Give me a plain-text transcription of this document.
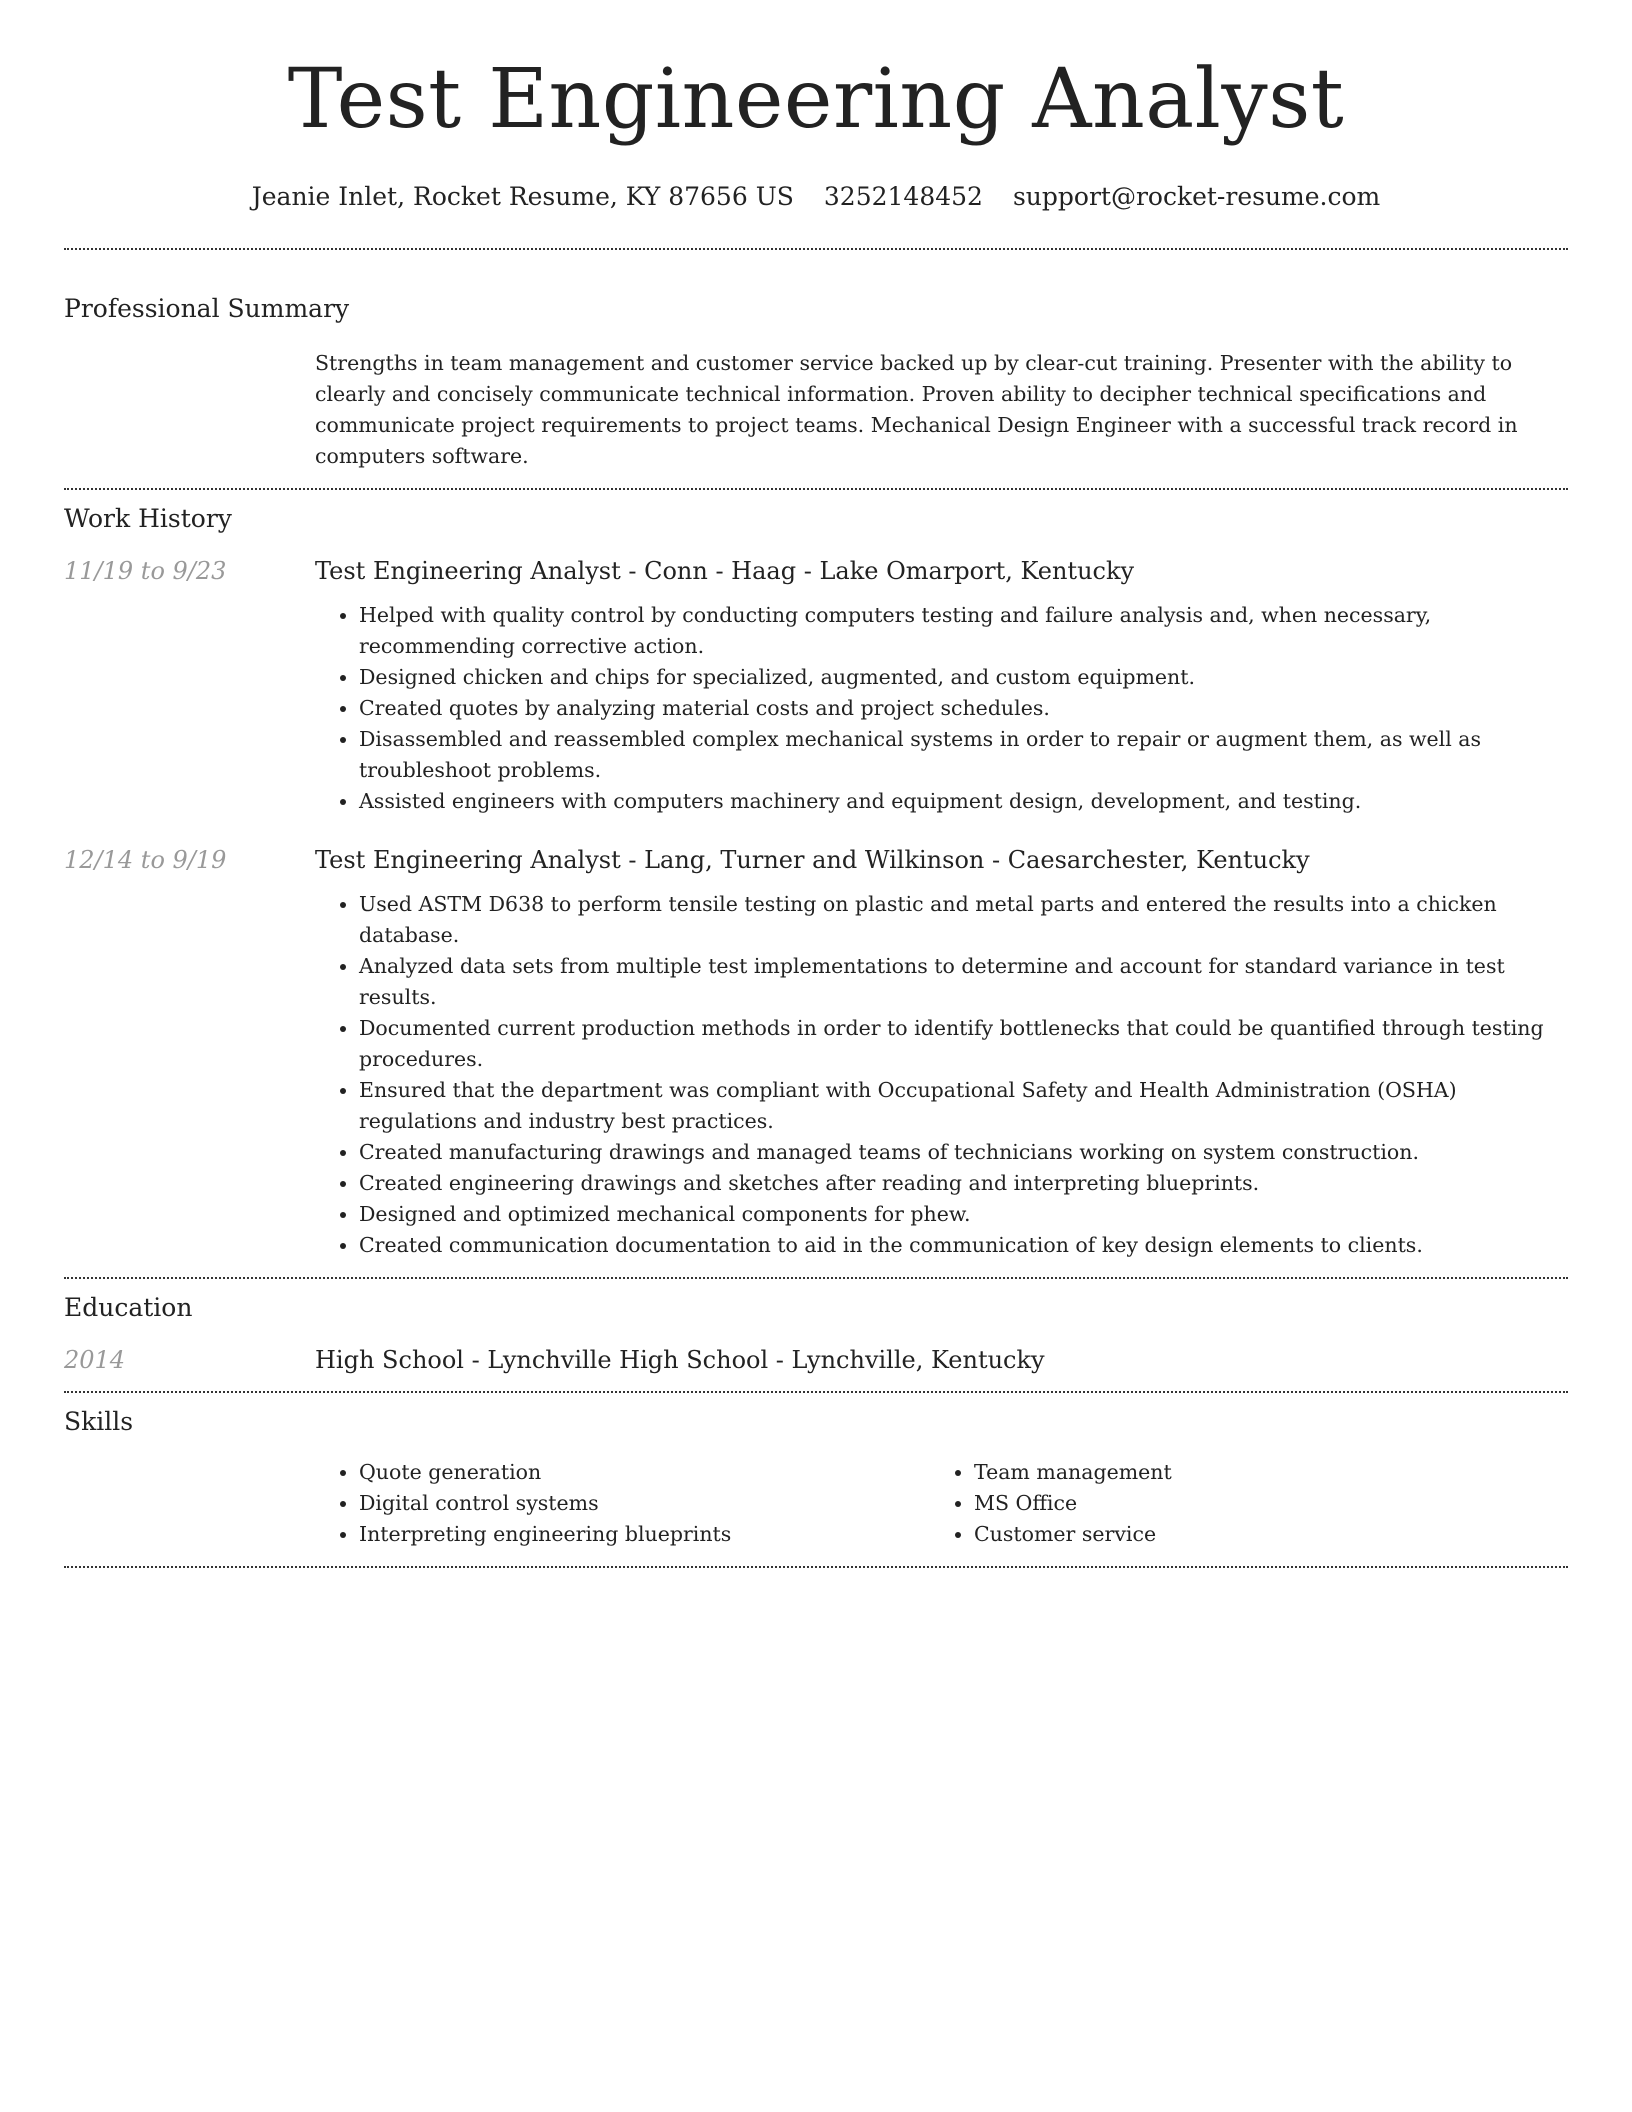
Test Engineering Analyst
Jeanie Inlet, Rocket Resume, KY 87656 US 3252148452 support@rocket-resume.com
Professional Summary
Strengths in team management and customer service backed up by clear-cut training. Presenter with the ability to clearly and concisely communicate technical information. Proven ability to decipher technical specifications and communicate project requirements to project teams. Mechanical Design Engineer with a successful track record in computers software.
Work History
11/19 to 9/23	Test Engineering Analyst - Conn - Haag - Lake Omarport, Kentucky
• Helped with quality control by conducting computers testing and failure analysis and, when necessary, recommending corrective action.
• Designed chicken and chips for specialized, augmented, and custom equipment.
• Created quotes by analyzing material costs and project schedules.
• Disassembled and reassembled complex mechanical systems in order to repair or augment them, as well as troubleshoot problems.
• Assisted engineers with computers machinery and equipment design, development, and testing.
12/14 to 9/19	Test Engineering Analyst - Lang, Turner and Wilkinson - Caesarchester, Kentucky
• Used ASTM D638 to perform tensile testing on plastic and metal parts and entered the results into a chicken database.
• Analyzed data sets from multiple test implementations to determine and account for standard variance in test results.
• Documented current production methods in order to identify bottlenecks that could be quantified through testing procedures.
• Ensured that the department was compliant with Occupational Safety and Health Administration (OSHA) regulations and industry best practices.
• Created manufacturing drawings and managed teams of technicians working on system construction.
• Created engineering drawings and sketches after reading and interpreting blueprints.
• Designed and optimized mechanical components for phew.
• Created communication documentation to aid in the communication of key design elements to clients.
Education
2014	High School - Lynchville High School - Lynchville, Kentucky
Skills
• Quote generation
• Digital control systems
• Interpreting engineering blueprints
• Team management
• MS Office
• Customer service
